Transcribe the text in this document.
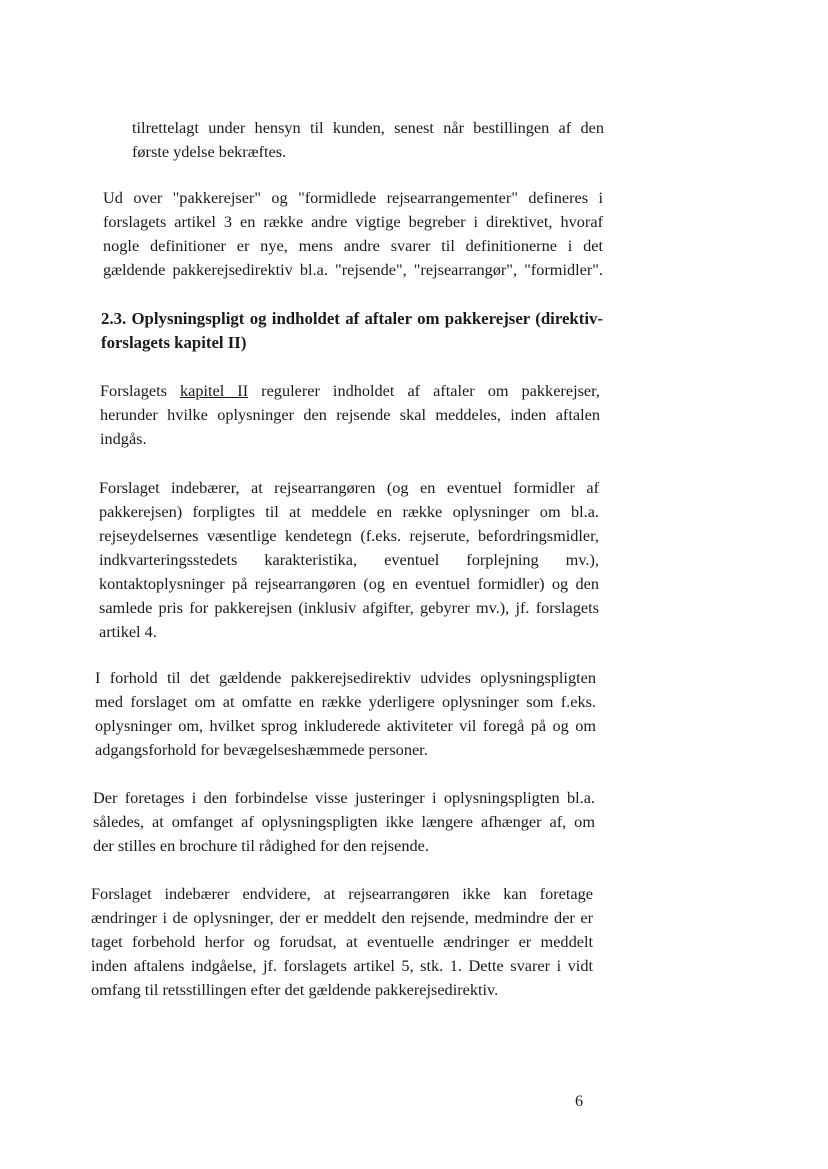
tilrettelagt under hensyn til kunden, senest når bestillingen af den
første ydelse bekræftes.
Ud over "pakkerejser" og "formidlede rejsearrangementer" defineres i
forslagets artikel 3 en række andre vigtige begreber i direktivet, hvoraf
nogle definitioner er nye, mens andre svarer til definitionerne i det
gældende pakkerejsedirektiv bl.a. "rejsende", "rejsearrangør", "formidler".
2.3. Oplysningspligt og indholdet af aftaler om pakkerejser (direktiv-
forslagets kapitel II)
Forslagets kapitel II regulerer indholdet af aftaler om pakkerejser,
herunder hvilke oplysninger den rejsende skal meddeles, inden aftalen
indgås.
Forslaget indebærer, at rejsearrangøren (og en eventuel formidler af
pakkerejsen) forpligtes til at meddele en række oplysninger om bl.a.
rejseydelsernes væsentlige kendetegn (f.eks. rejserute, befordringsmidler,
indkvarteringsstedets karakteristika, eventuel forplejning mv.),
kontaktoplysninger på rejsearrangøren (og en eventuel formidler) og den
samlede pris for pakkerejsen (inklusiv afgifter, gebyrer mv.), jf. forslagets
artikel 4.
I forhold til det gældende pakkerejsedirektiv udvides oplysningspligten
med forslaget om at omfatte en række yderligere oplysninger som f.eks.
oplysninger om, hvilket sprog inkluderede aktiviteter vil foregå på og om
adgangsforhold for bevægelseshæmmede personer.
Der foretages i den forbindelse visse justeringer i oplysningspligten bl.a.
således, at omfanget af oplysningspligten ikke længere afhænger af, om
der stilles en brochure til rådighed for den rejsende.
Forslaget indebærer endvidere, at rejsearrangøren ikke kan foretage
ændringer i de oplysninger, der er meddelt den rejsende, medmindre der er
taget forbehold herfor og forudsat, at eventuelle ændringer er meddelt
inden aftalens indgåelse, jf. forslagets artikel 5, stk. 1. Dette svarer i vidt
omfang til retsstillingen efter det gældende pakkerejsedirektiv.
6
